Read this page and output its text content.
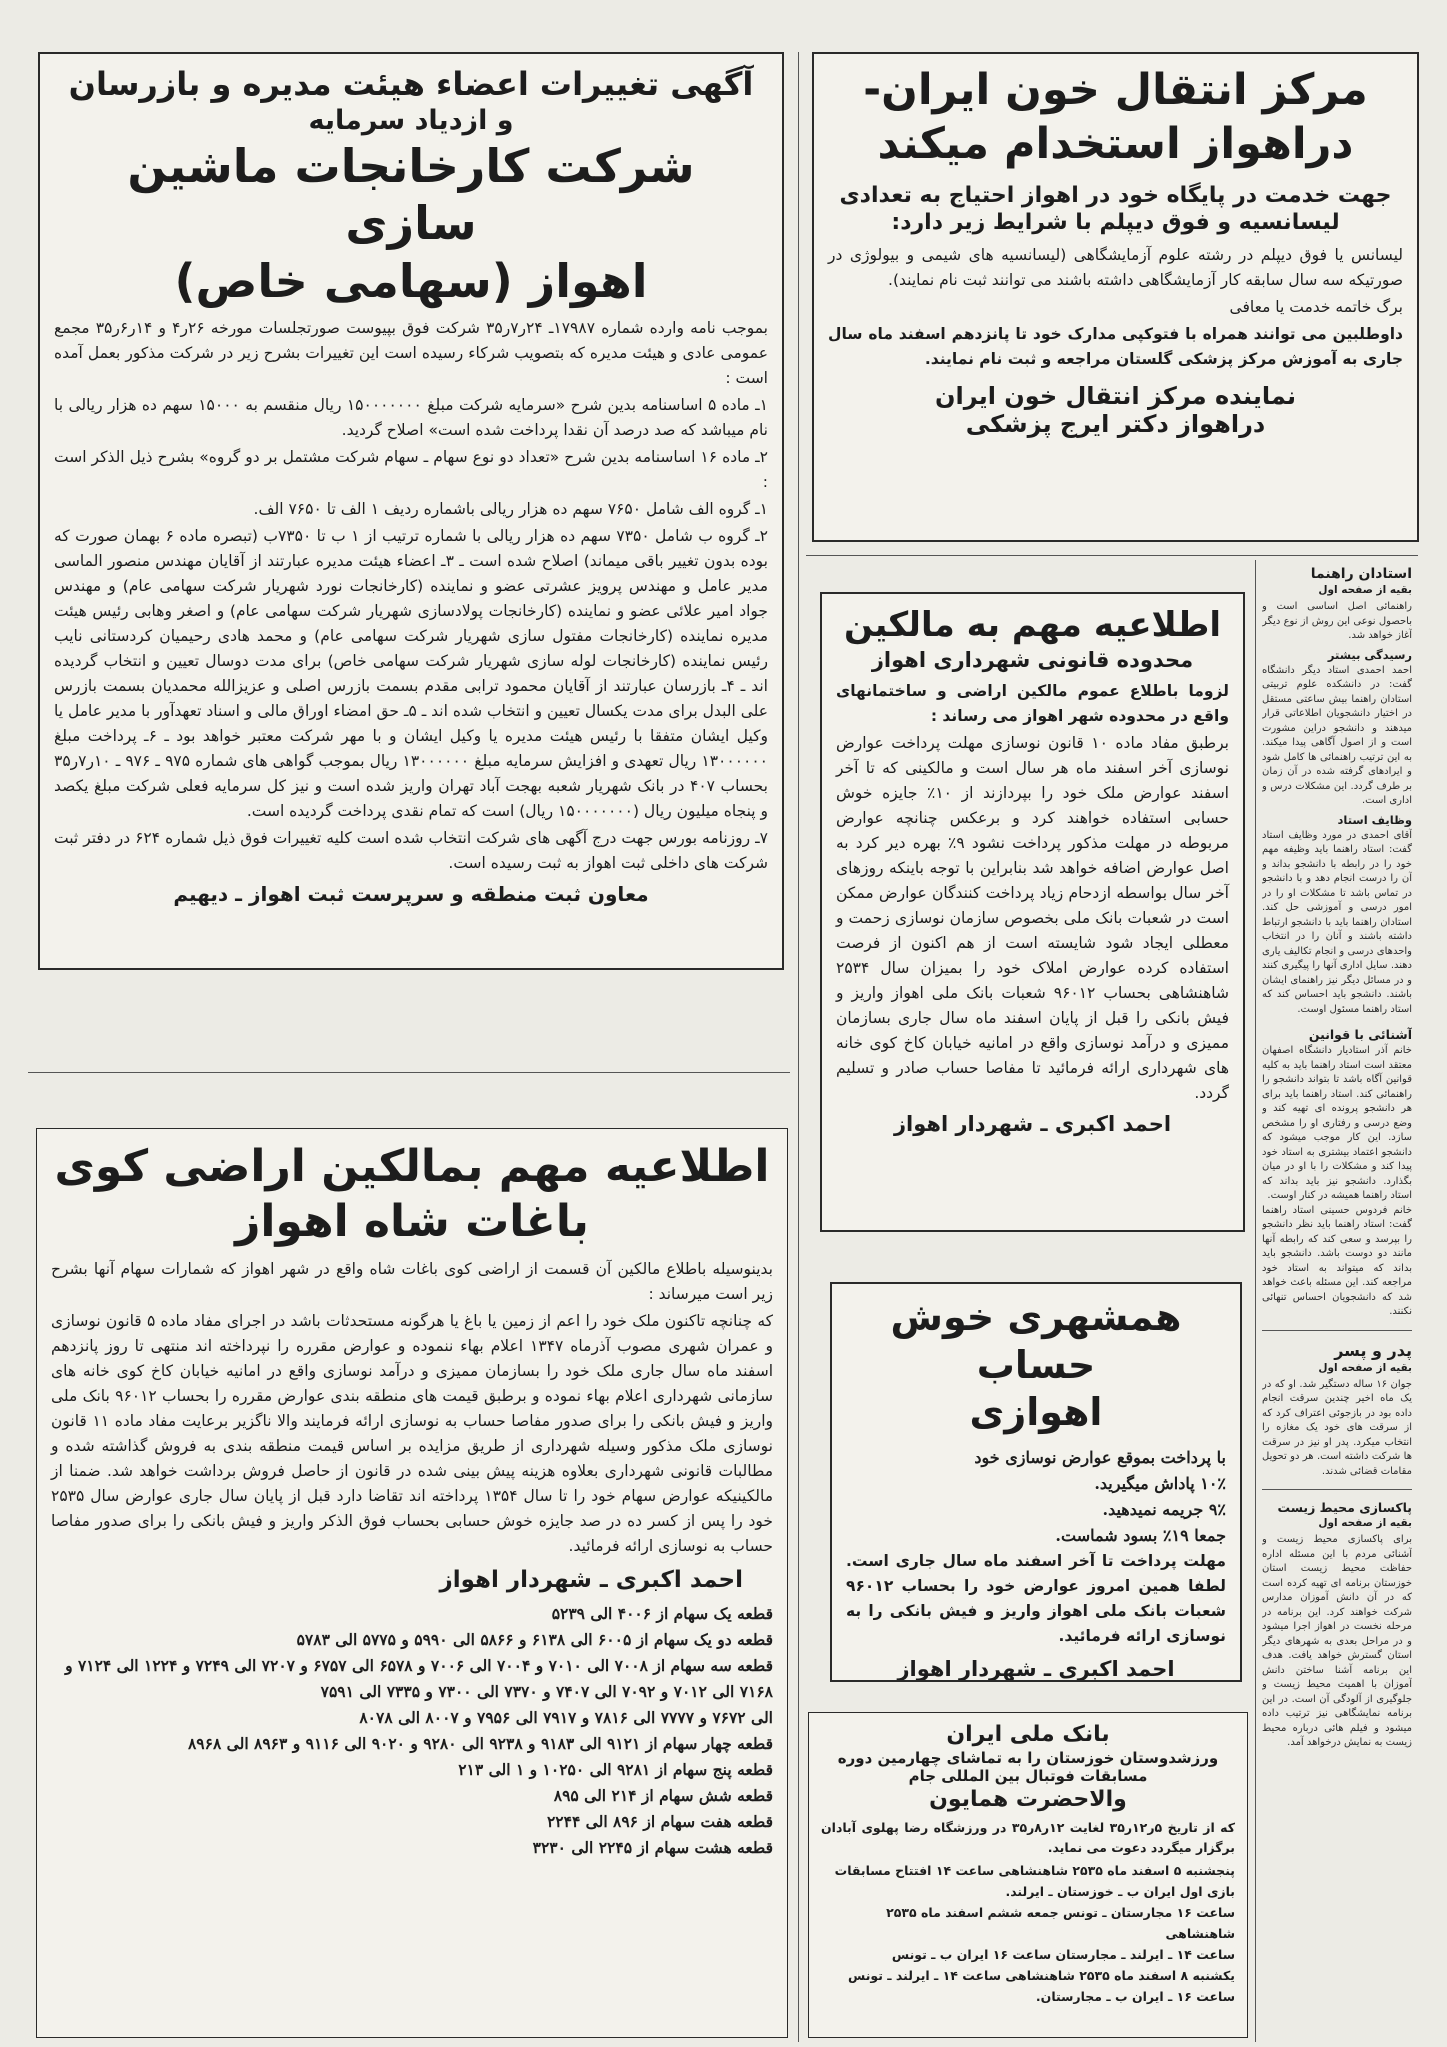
مرکز انتقال خون ایران-
دراهواز استخدام میکند
جهت خدمت در پایگاه خود در اهواز احتیاج به تعدادی
لیسانسیه و فوق دیپلم با شرایط زیر دارد:

لیسانس یا فوق دیپلم در رشته علوم آزمایشگاهی (لیسانسیه های شیمی و بیولوژی در صورتیکه سه سال سابقه کار آزمایشگاهی داشته باشند می توانند ثبت نام نمایند).

برگ خاتمه خدمت یا معافی

داوطلبین می توانند همراه با فتوکپی مدارک خود تا پانزدهم اسفند ماه سال جاری به آموزش مرکز پزشکی گلستان مراجعه و ثبت نام نمایند.

نماینده مرکز انتقال خون ایران
دراهواز دکتر ایرج پزشکی
آگهی تغییرات اعضاء هیئت مدیره و بازرسان
و ازدیاد سرمایه
شرکت کارخانجات ماشین سازی
اهواز (سهامی خاص)

بموجب نامه وارده شماره ۱۷۹۸۷ـ ۲۴ر۷ر۳۵ شرکت فوق بپیوست صورتجلسات مورخه ۲۶ر۴ و ۱۴ر۶ر۳۵ مجمع عمومی عادی و هیئت مدیره که بتصویب شرکاء رسیده است این تغییرات بشرح زیر در شرکت مذکور بعمل آمده است :

۱ـ ماده ۵ اساسنامه بدین شرح «سرمایه شرکت مبلغ ۱۵۰۰۰۰۰۰۰ ریال منقسم به ۱۵۰۰۰ سهم ده هزار ریالی با نام میباشد که صد درصد آن نقدا پرداخت شده است» اصلاح گردید.

۲ـ ماده ۱۶ اساسنامه بدین شرح «تعداد دو نوع سهام ـ سهام شرکت مشتمل بر دو گروه» بشرح ذیل الذکر است :

۱ـ گروه الف شامل ۷۶۵۰ سهم ده هزار ریالی باشماره ردیف ۱ الف تا ۷۶۵۰ الف.

۲ـ گروه ب شامل ۷۳۵۰ سهم ده هزار ریالی با شماره ترتیب از ۱ ب تا ۷۳۵۰ب (تبصره ماده ۶ بهمان صورت که بوده بدون تغییر باقی میماند) اصلاح شده است ـ ۳ـ اعضاء هیئت مدیره عبارتند از آقایان مهندس منصور الماسی مدیر عامل و مهندس پرویز عشرتی عضو و نماینده (کارخانجات نورد شهریار شرکت سهامی عام) و مهندس جواد امیر علائی عضو و نماینده (کارخانجات پولادسازی شهریار شرکت سهامی عام) و اصغر وهابی رئیس هیئت مدیره نماینده (کارخانجات مفتول سازی شهریار شرکت سهامی عام) و محمد هادی رحیمیان کردستانی نایب رئیس نماینده (کارخانجات لوله سازی شهریار شرکت سهامی خاص) برای مدت دوسال تعیین و انتخاب گردیده اند ـ ۴ـ بازرسان عبارتند از آقایان محمود ترابی مقدم بسمت بازرس اصلی و عزیزالله محمدیان بسمت بازرس علی البدل برای مدت یکسال تعیین و انتخاب شده اند ـ ۵ـ حق امضاء اوراق مالی و اسناد تعهدآور با مدیر عامل یا وکیل ایشان متفقا با رئیس هیئت مدیره یا وکیل ایشان و با مهر شرکت معتبر خواهد بود ـ ۶ـ پرداخت مبلغ ۱۳۰۰۰۰۰۰ ریال تعهدی و افزایش سرمایه مبلغ ۱۳۰۰۰۰۰۰ ریال بموجب گواهی های شماره ۹۷۵ ـ ۹۷۶ ـ ۱۰ر۷ر۳۵ بحساب ۴۰۷ در بانک شهریار شعبه بهجت آباد تهران واریز شده است و نیز کل سرمایه فعلی شرکت مبلغ یکصد و پنجاه میلیون ریال (۱۵۰۰۰۰۰۰۰ ریال) است که تمام نقدی پرداخت گردیده است.

۷ـ روزنامه بورس جهت درج آگهی های شرکت انتخاب شده است کلیه تغییرات فوق ذیل شماره ۶۲۴ در دفتر ثبت شرکت های داخلی ثبت اهواز به ثبت رسیده است.

معاون ثبت منطقه و سرپرست ثبت اهواز ـ دیهیم
اطلاعیه مهم به مالکین
محدوده قانونی شهرداری اهواز

لزوما باطلاع عموم مالکین اراضی و ساختمانهای واقع در محدوده شهر اهواز می رساند :

برطبق مفاد ماده ۱۰ قانون نوسازی مهلت پرداخت عوارض نوسازی آخر اسفند ماه هر سال است و مالکینی که تا آخر اسفند عوارض ملک خود را بپردازند از ۱۰٪ جایزه خوش حسابی استفاده خواهند کرد و برعکس چنانچه عوارض مربوطه در مهلت مذکور پرداخت نشود ۹٪ بهره دیر کرد به اصل عوارض اضافه خواهد شد بنابراین با توجه باینکه روزهای آخر سال بواسطه ازدحام زیاد پرداخت کنندگان عوارض ممکن است در شعبات بانک ملی بخصوص سازمان نوسازی زحمت و معطلی ایجاد شود شایسته است از هم اکنون از فرصت استفاده کرده عوارض املاک خود را بمیزان سال ۲۵۳۴ شاهنشاهی بحساب ۹۶۰۱۲ شعبات بانک ملی اهواز واریز و فیش بانکی را قبل از پایان اسفند ماه سال جاری بسازمان ممیزی و درآمد نوسازی واقع در امانیه خیابان کاخ کوی خانه های شهرداری ارائه فرمائید تا مفاصا حساب صادر و تسلیم گردد.

احمد اکبری ـ شهردار اهواز
اطلاعیه مهم بمالکین اراضی کوی
باغات شاه اهواز

بدینوسیله باطلاع مالکین آن قسمت از اراضی کوی باغات شاه واقع در شهر اهواز که شمارات سهام آنها بشرح زیر است میرساند :

که چنانچه تاکنون ملک خود را اعم از زمین یا باغ یا هرگونه مستحدثات باشد در اجرای مفاد ماده ۵ قانون نوسازی و عمران شهری مصوب آذرماه ۱۳۴۷ اعلام بهاء ننموده و عوارض مقرره را نپرداخته اند منتهی تا روز پانزدهم اسفند ماه سال جاری ملک خود را بسازمان ممیزی و درآمد نوسازی واقع در امانیه خیابان کاخ کوی خانه های سازمانی شهرداری اعلام بهاء نموده و برطبق قیمت های منطقه بندی عوارض مقرره را بحساب ۹۶۰۱۲ بانک ملی واریز و فیش بانکی را برای صدور مفاصا حساب به نوسازی ارائه فرمایند والا ناگزیر برعایت مفاد ماده ۱۱ قانون نوسازی ملک مذکور وسیله شهرداری از طریق مزایده بر اساس قیمت منطقه بندی به فروش گذاشته شده و مطالبات قانونی شهرداری بعلاوه هزینه پیش بینی شده در قانون از حاصل فروش برداشت خواهد شد. ضمنا از مالکینیکه عوارض سهام خود را تا سال ۱۳۵۴ پرداخته اند تقاضا دارد قبل از پایان سال جاری عوارض سال ۲۵۳۵ خود را پس از کسر ده در صد جایزه خوش حسابی بحساب فوق الذکر واریز و فیش بانکی را برای صدور مفاصا حساب به نوسازی ارائه فرمائید.

احمد اکبری ـ شهردار اهواز

قطعه یک سهام از ۴۰۰۶ الی ۵۲۳۹

قطعه دو یک سهام از ۶۰۰۵ الی ۶۱۳۸ و ۵۸۶۶ الی ۵۹۹۰ و ۵۷۷۵ الی ۵۷۸۳

قطعه سه سهام از ۷۰۰۸ الی ۷۰۱۰ و ۷۰۰۴ الی ۷۰۰۶ و ۶۵۷۸ الی ۶۷۵۷ و ۷۲۰۷ الی ۷۲۴۹ و ۱۲۲۴ الی ۷۱۲۴ و ۷۱۶۸ الی ۷۰۱۲ و ۷۰۹۲ الی ۷۴۰۷ و ۷۳۷۰ الی ۷۳۰۰ و ۷۳۳۵ الی ۷۵۹۱

الی ۷۶۷۲ و ۷۷۷۷ الی ۷۸۱۶ و ۷۹۱۷ الی ۷۹۵۶ و ۸۰۰۷ الی ۸۰۷۸

قطعه چهار سهام از ۹۱۲۱ الی ۹۱۸۳ و ۹۲۳۸ الی ۹۲۸۰ و ۹۰۲۰ الی ۹۱۱۶ و ۸۹۶۳ الی ۸۹۶۸

قطعه پنج سهام از ۹۲۸۱ الی ۱۰۲۵۰ و ۱ الی ۲۱۳

قطعه شش سهام از ۲۱۴ الی ۸۹۵

قطعه هفت سهام از ۸۹۶ الی ۲۲۴۴

قطعه هشت سهام از ۲۲۴۵ الی ۳۲۳۰

همشهری خوش حساب
اهوازی

با پرداخت بموقع عوارض نوسازی خود

۱۰٪ پاداش میگیرید.

۹٪ جریمه نمیدهید.

جمعا ۱۹٪ بسود شماست.

مهلت پرداخت تا آخر اسفند ماه سال جاری است. لطفا همین امروز عوارض خود را بحساب ۹۶۰۱۲ شعبات بانک ملی اهواز واریز و فیش بانکی را به نوسازی ارائه فرمائید.

احمد اکبری ـ شهردار اهواز
بانک ملی ایران
ورزشدوستان خوزستان را به تماشای چهارمین دوره
مسابقات فوتبال بین المللی جام
والاحضرت همایون

که از تاریخ ۵ر۱۲ر۳۵ لغایت ۱۲ر۸ر۳۵ در ورزشگاه رضا پهلوی آبادان برگزار میگردد دعوت می نماید.

پنجشنبه ۵ اسفند ماه ۲۵۳۵ شاهنشاهی ساعت ۱۴ افتتاح مسابقات

بازی اول ایران ب ـ خوزستان ـ ایرلند.

ساعت ۱۶ مجارستان ـ تونس جمعه ششم اسفند ماه ۲۵۳۵ شاهنشاهی

ساعت ۱۴ ـ ایرلند ـ مجارستان ساعت ۱۶ ایران ب ـ تونس

یکشنبه ۸ اسفند ماه ۲۵۳۵ شاهنشاهی ساعت ۱۴ ـ ایرلند ـ تونس

ساعت ۱۶ ـ ایران ب ـ مجارستان.

استادان راهنما
بقیه از صفحه اول

راهنمائی اصل اساسی است و باحصول نوعی این روش از نوع دیگر آغاز خواهد شد.

رسیدگی بیشتر

احمد احمدی استاد دیگر دانشگاه گفت: در دانشکده علوم تربیتی استادان راهنما بیش ساعتی مستقل در اختیار دانشجویان اطلاعاتی قرار میدهند و دانشجو دراین مشورت است و از اصول آگاهی پیدا میکند. به این ترتیب راهنمائی ها کامل شود و ایرادهای گرفته شده در آن زمان بر طرف گردد. این مشکلات درس و اداری است.

وظایف استاد

آقای احمدی در مورد وظایف استاد گفت: استاد راهنما باید وظیفه مهم خود را در رابطه با دانشجو بداند و آن را درست انجام دهد و با دانشجو در تماس باشد تا مشکلات او را در امور درسی و آموزشی حل کند. استادان راهنما باید با دانشجو ارتباط داشته باشند و آنان را در انتخاب واحدهای درسی و انجام تکالیف یاری دهند. سایل اداری آنها را پیگیری کنند و در مسائل دیگر نیز راهنمای ایشان باشند. دانشجو باید احساس کند که استاد راهنما مسئول اوست.

آشنائی با قوانین

خانم آذر استادیار دانشگاه اصفهان معتقد است استاد راهنما باید به کلیه قوانین آگاه باشد تا بتواند دانشجو را راهنمائی کند. استاد راهنما باید برای هر دانشجو پرونده ای تهیه کند و وضع درسی و رفتاری او را مشخص سازد. این کار موجب میشود که دانشجو اعتماد بیشتری به استاد خود پیدا کند و مشکلات را با او در میان بگذارد. دانشجو نیز باید بداند که استاد راهنما همیشه در کنار اوست.

خانم فردوس حسینی استاد راهنما گفت: استاد راهنما باید نظر دانشجو را بپرسد و سعی کند که رابطه آنها مانند دو دوست باشد. دانشجو باید بداند که میتواند به استاد خود مراجعه کند. این مسئله باعث خواهد شد که دانشجویان احساس تنهائی نکنند.

پدر و پسر
بقیه از صفحه اول

جوان ۱۶ ساله دستگیر شد. او که در یک ماه اخیر چندین سرقت انجام داده بود در بازجوئی اعتراف کرد که از سرقت های خود یک مغازه را انتخاب میکرد. پدر او نیز در سرقت ها شرکت داشته است. هر دو تحویل مقامات قضائی شدند.

پاکسازی محیط زیست
بقیه از صفحه اول

برای پاکسازی محیط زیست و آشنائی مردم با این مسئله اداره حفاظت محیط زیست استان خوزستان برنامه ای تهیه کرده است که در آن دانش آموزان مدارس شرکت خواهند کرد. این برنامه در مرحله نخست در اهواز اجرا میشود و در مراحل بعدی به شهرهای دیگر استان گسترش خواهد یافت. هدف این برنامه آشنا ساختن دانش آموزان با اهمیت محیط زیست و جلوگیری از آلودگی آن است. در این برنامه نمایشگاهی نیز ترتیب داده میشود و فیلم هائی درباره محیط زیست به نمایش درخواهد آمد.
